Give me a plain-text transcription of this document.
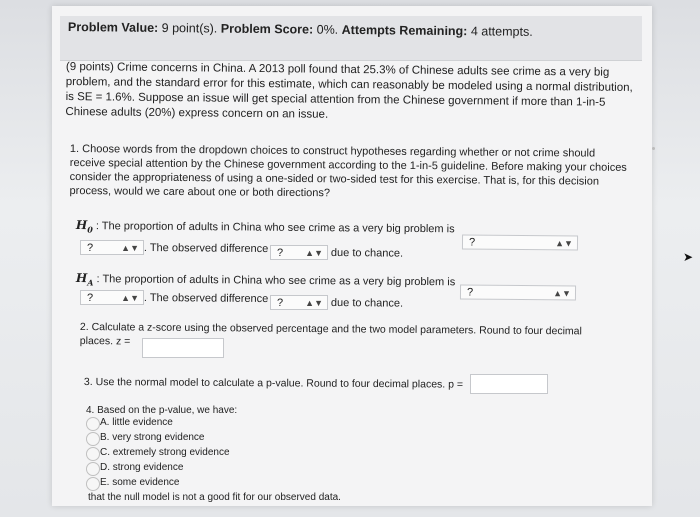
Problem Value: 9 point(s). Problem Score: 0%. Attempts Remaining: 4 attempts.
(9 points) Crime concerns in China. A 2013 poll found that 25.3% of Chinese adults see crime as a very big problem, and the standard error for this estimate, which can reasonably be modeled using a normal distribution, is SE = 1.6%. Suppose an issue will get special attention from the Chinese government if more than 1-in-5 Chinese adults (20%) express concern on an issue.
1. Choose words from the dropdown choices to construct hypotheses regarding whether or not crime should receive special attention by the Chinese government according to the 1-in-5 guideline. Before making your choices consider the appropriateness of using a one-sided or two-sided test for this exercise. That is, for this decision process, would we care about one or both directions?
$H_0$ : The proportion of adults in China who see crime as a very big problem is
?	▲▼
?	▲▼ . The observed difference ? ▲▼ due to chance.
$H_A$ : The proportion of adults in China who see crime as a very big problem is
?	▲▼
?	▲▼ . The observed difference ? ▲▼ due to chance.
2. Calculate a z-score using the observed percentage and the two model parameters. Round to four decimal places. z =
3. Use the normal model to calculate a p-value. Round to four decimal places. p =
4. Based on the p-value, we have:
A. little evidence
B. very strong evidence
C. extremely strong evidence
D. strong evidence
E. some evidence
that the null model is not a good fit for our observed data.
➤
